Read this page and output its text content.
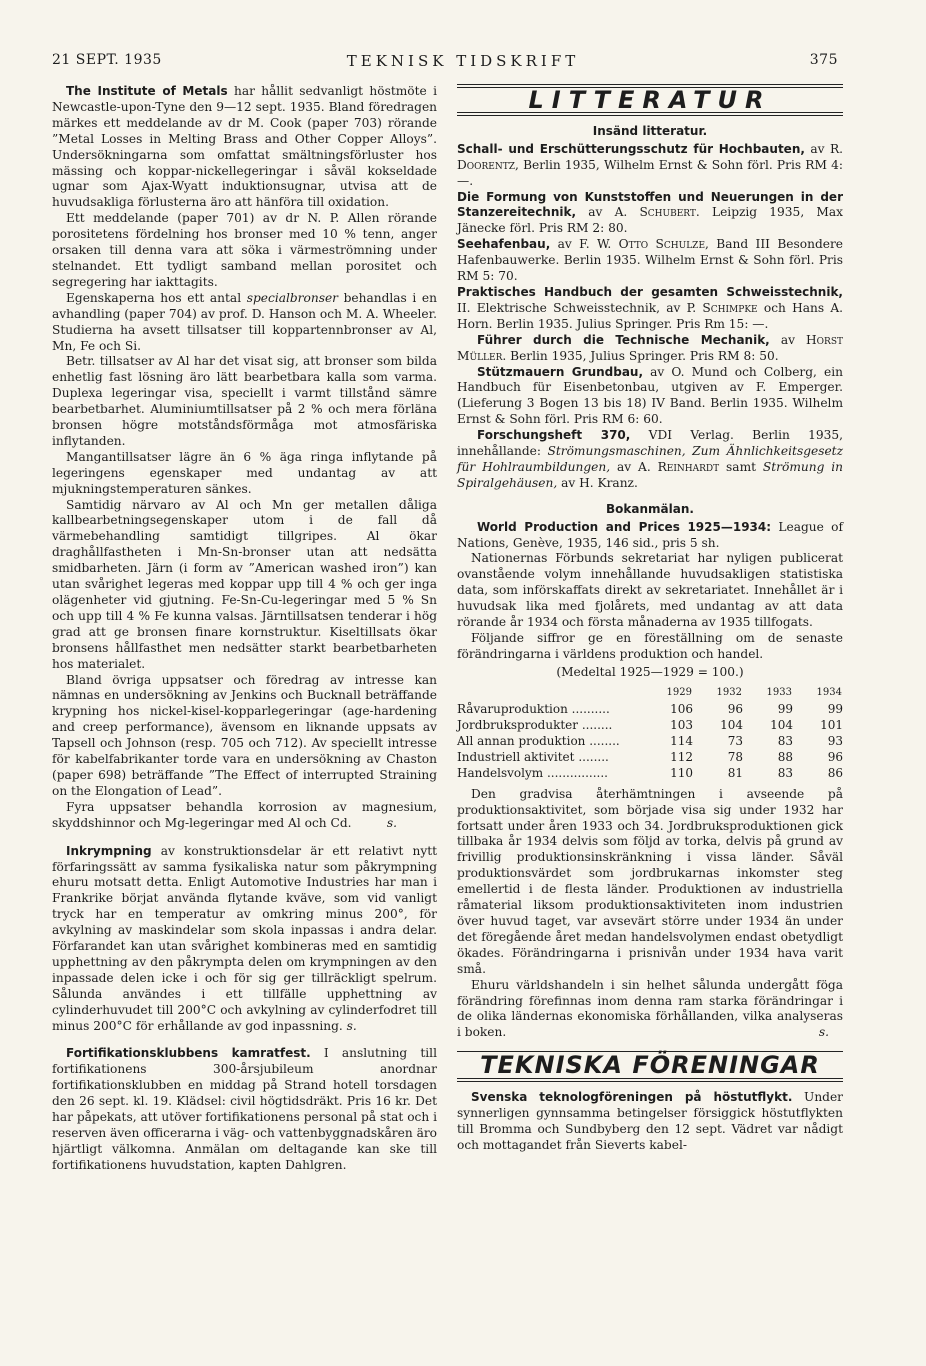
21 SEPT. 1935	TEKNISK TIDSKRIFT	375

The Institute of Metals har hållit sedvanligt höstmöte i Newcastle-upon-Tyne den 9—12 sept. 1935. Bland föredragen märkes ett meddelande av dr M. Cook (paper 703) rörande ”Metal Losses in Melting Brass and Other Copper Alloys”. Undersökningarna som omfattat smältningsförluster hos mässing och koppar-nickellegeringar i såväl kokseldade ugnar som Ajax-Wyatt induktionsugnar, utvisa att de huvudsakliga förlusterna äro att hänföra till oxidation.

Ett meddelande (paper 701) av dr N. P. Allen rörande porositetens fördelning hos bronser med 10 % tenn, anger orsaken till denna vara att söka i värmeströmning under stelnandet. Ett tydligt samband mellan porositet och segregering har iakttagits.

Egenskaperna hos ett antal specialbronser behandlas i en avhandling (paper 704) av prof. D. Hanson och M. A. Wheeler. Studierna ha avsett tillsatser till koppartennbronser av Al, Mn, Fe och Si.

Betr. tillsatser av Al har det visat sig, att bronser som bilda enhetlig fast lösning äro lätt bearbetbara kalla som varma. Duplexa legeringar visa, speciellt i varmt tillstånd sämre bearbetbarhet. Aluminiumtillsatser på 2 % och mera förläna bronsen högre motståndsförmåga mot atmosfäriska inflytanden.

Mangantillsatser lägre än 6 % äga ringa inflytande på legeringens egenskaper med undantag av att mjukningstemperaturen sänkes.

Samtidig närvaro av Al och Mn ger metallen dåliga kallbearbetningsegenskaper utom i de fall då värmebehandling samtidigt tillgripes. Al ökar draghållfastheten i Mn-Sn-bronser utan att nedsätta smidbarheten. Järn (i form av ”American washed iron”) kan utan svårighet legeras med koppar upp till 4 % och ger inga olägenheter vid gjutning. Fe-Sn-Cu-legeringar med 5 % Sn och upp till 4 % Fe kunna valsas. Järntillsatsen tenderar i hög grad att ge bronsen finare kornstruktur. Kiseltillsats ökar bronsens hållfasthet men nedsätter starkt bearbetbarheten hos materialet.

Bland övriga uppsatser och föredrag av intresse kan nämnas en undersökning av Jenkins och Bucknall beträffande krypning hos nickel-kisel-kopparlegeringar (age-hardening and creep performance), ävensom en liknande uppsats av Tapsell och Johnson (resp. 705 och 712). Av speciellt intresse för kabelfabrikanter torde vara en undersökning av Chaston (paper 698) beträffande ”The Effect of interrupted Straining on the Elongation of Lead”.

Fyra uppsatser behandla korrosion av magnesium, skyddshinnor och Mg-legeringar med Al och Cd.	s.

Inkrympning av konstruktionsdelar är ett relativt nytt förfaringssätt av samma fysikaliska natur som påkrympning ehuru motsatt detta. Enligt Automotive Industries har man i Frankrike börjat använda flytande kväve, som vid vanligt tryck har en temperatur av omkring minus 200°, för avkylning av maskindelar som skola inpassas i andra delar. Förfarandet kan utan svårighet kombineras med en samtidig upphettning av den påkrympta delen om krympningen av den inpassade delen icke i och för sig ger tillräckligt spelrum. Sålunda användes i ett tillfälle upphettning av cylinderhuvudet till 200°C och avkylning av cylinderfodret till minus 200°C för erhållande av god inpassning. s.

Fortifikationsklubbens kamratfest. I anslutning till fortifikationens 300-årsjubileum anordnar fortifikationsklubben en middag på Strand hotell torsdagen den 26 sept. kl. 19. Klädsel: civil högtidsdräkt. Pris 16 kr. Det har påpekats, att utöver fortifikationens personal på stat och i reserven även officerarna i väg- och vattenbyggnadskåren äro hjärtligt välkomna. Anmälan om deltagande kan ske till fortifikationens huvudstation, kapten Dahlgren.

LITTERATUR
Insänd litteratur.

Schall- und Erschütterungsschutz für Hochbauten, av R. Doorentz, Berlin 1935, Wilhelm Ernst & Sohn förl. Pris RM 4: —.

Die Formung von Kunststoffen und Neuerungen in der Stanzereitechnik, av A. Schubert. Leipzig 1935, Max Jänecke förl. Pris RM 2: 80.

Seehafenbau, av F. W. Otto Schulze, Band III Besondere Hafenbauwerke. Berlin 1935. Wilhelm Ernst & Sohn förl. Pris RM 5: 70.

Praktisches Handbuch der gesamten Schweisstechnik, II. Elektrische Schweisstechnik, av P. Schimpke och Hans A. Horn. Berlin 1935. Julius Springer. Pris Rm 15: —.

Führer durch die Technische Mechanik, av Horst Müller. Berlin 1935, Julius Springer. Pris RM 8: 50.

Stützmauern Grundbau, av O. Mund och Colberg, ein Handbuch für Eisenbetonbau, utgiven av F. Emperger. (Lieferung 3 Bogen 13 bis 18) IV Band. Berlin 1935. Wilhelm Ernst & Sohn förl. Pris RM 6: 60.

Forschungsheft 370, VDI Verlag. Berlin 1935, innehållande: Strömungsmaschinen, Zum Ähnlichkeitsgesetz für Hohlraumbildungen, av A. Reinhardt samt Strömung in Spiralgehäusen, av H. Kranz.

Bokanmälan.

World Production and Prices 1925—1934: League of Nations, Genève, 1935, 146 sid., pris 5 sh.

Nationernas Förbunds sekretariat har nyligen publicerat ovanstående volym innehållande huvudsakligen statistiska data, som införskaffats direkt av sekretariatet. Innehållet är i huvudsak lika med fjolårets, med undantag av att data rörande år 1934 och första månaderna av 1935 tillfogats.

Följande siffror ge en föreställning om de senaste förändringarna i världens produktion och handel.

(Medeltal 1925—1929 = 100.)
	1929	1932	1933	1934
Råvaruproduktion ..........	106	96	99	99
Jordbruksprodukter ........	103	104	104	101
All annan produktion ........	114	73	83	93
Industriell aktivitet ........	112	78	88	96
Handelsvolym ................	110	81	83	86

Den gradvisa återhämtningen i avseende på produktionsaktivitet, som började visa sig under 1932 har fortsatt under åren 1933 och 34. Jordbruksproduktionen gick tillbaka år 1934 delvis som följd av torka, delvis på grund av frivillig produktionsinskränkning i vissa länder. Såväl produktionsvärdet som jordbrukarnas inkomster steg emellertid i de flesta länder. Produktionen av industriella råmaterial liksom produktionsaktiviteten inom industrien över huvud taget, var avsevärt större under 1934 än under det föregående året medan handelsvolymen endast obetydligt ökades. Förändringarna i prisnivån under 1934 hava varit små.

Ehuru världshandeln i sin helhet sålunda undergått föga förändring förefinnas inom denna ram starka förändringar i de olika ländernas ekonomiska förhållanden, vilka analyseras i boken.	s.

TEKNISKA FÖRENINGAR

Svenska teknologföreningen på höstutflykt. Under synnerligen gynnsamma betingelser försiggick höstutflykten till Bromma och Sundbyberg den 12 sept. Vädret var nådigt och mottagandet från Sieverts kabel-
